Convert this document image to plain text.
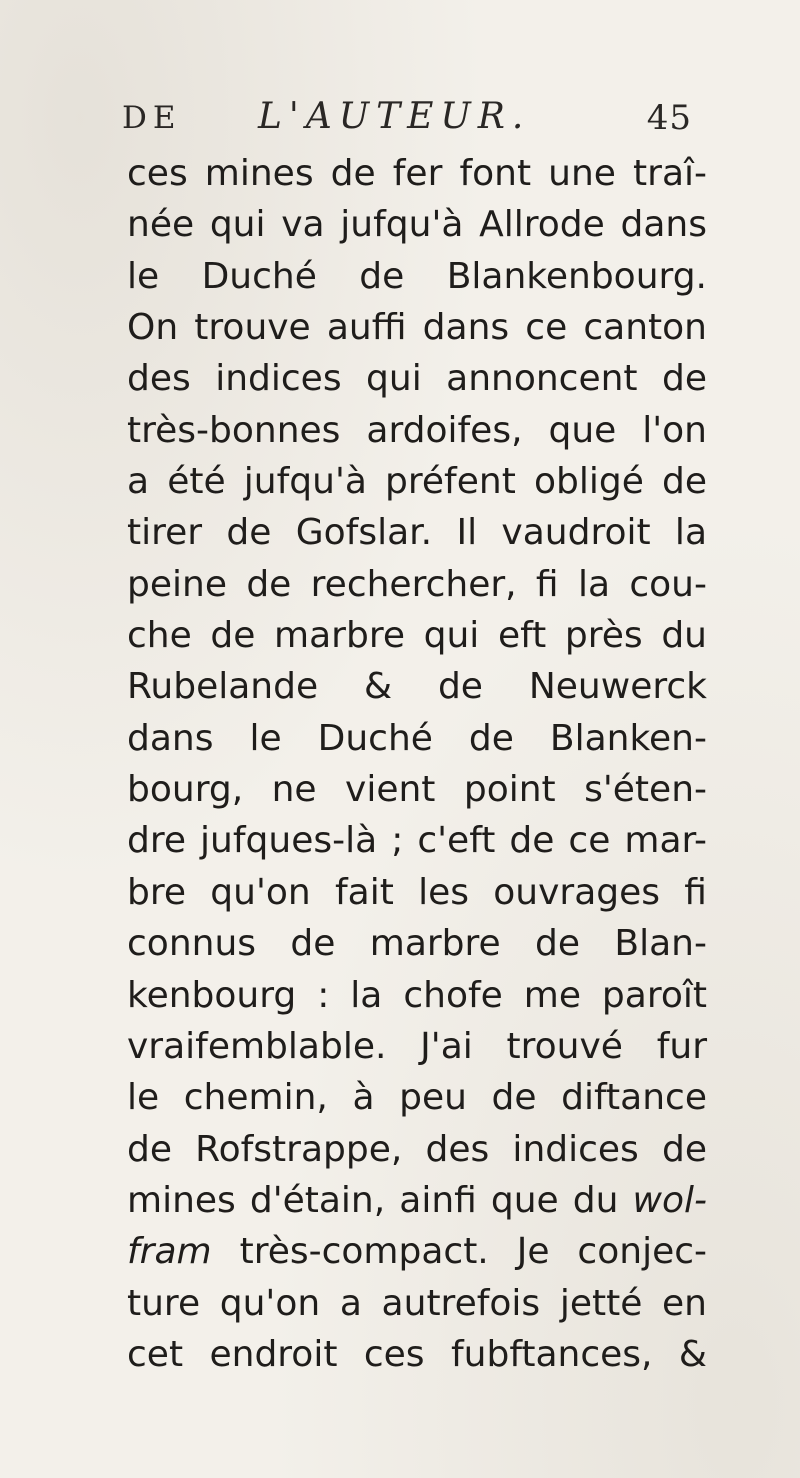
DE L'AUTEUR.	45
ces mines de fer font une traî-
née qui va jufqu'à Allrode dans
le Duché de Blankenbourg.
On trouve auffi dans ce canton
des indices qui annoncent de
très-bonnes ardoifes, que l'on
a été jufqu'à préfent obligé de
tirer de Gofslar. Il vaudroit la
peine de rechercher, fi la cou-
che de marbre qui eft près du
Rubelande & de Neuwerck
dans le Duché de Blanken-
bourg, ne vient point s'éten-
dre jufques-là ; c'eft de ce mar-
bre qu'on fait les ouvrages fi
connus de marbre de Blan-
kenbourg : la chofe me paroît
vraifemblable. J'ai trouvé fur
le chemin, à peu de diftance
de Rofstrappe, des indices de
mines d'étain, ainfi que du wol-
fram très-compact. Je conjec-
ture qu'on a autrefois jetté en
cet endroit ces fubftances, &
